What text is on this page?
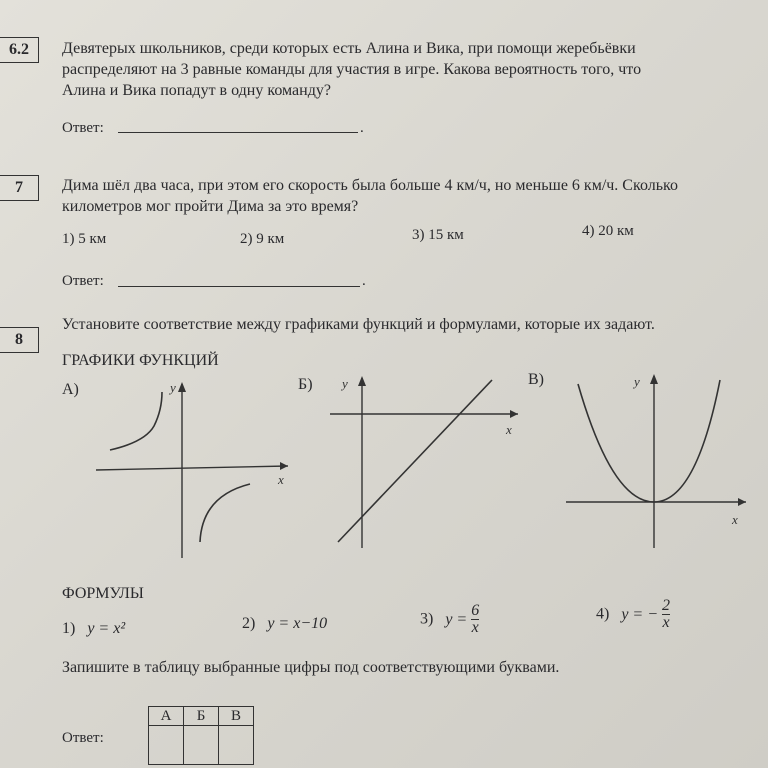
6.2	Девятерых школьников, среди которых есть Алина и Вика, при помощи жеребьёвки
распределяют на 3 равные команды для участия в игре. Какова вероятность того, что
Алина и Вика попадут в одну команду?
Ответ:	.
7	Дима шёл два часа, при этом его скорость была больше 4 км/ч, но меньше 6 км/ч. Сколько
километров мог пройти Дима за это время?
1) 5 км	2) 9 км	3) 15 км	4) 20 км
Ответ:	.
8
Установите соответствие между графиками функций и формулами, которые их задают.
ГРАФИКИ ФУНКЦИЙ
А)	Б)	В)
x
y
x
y
x
y
ФОРМУЛЫ
1) y = x²	2) y = x−10	3) $y = \frac{6}{x}$	4) y = − $\frac{2}{x}$
Запишите в таблицу выбранные цифры под соответствующими буквами.
Ответ:
А	Б	В
